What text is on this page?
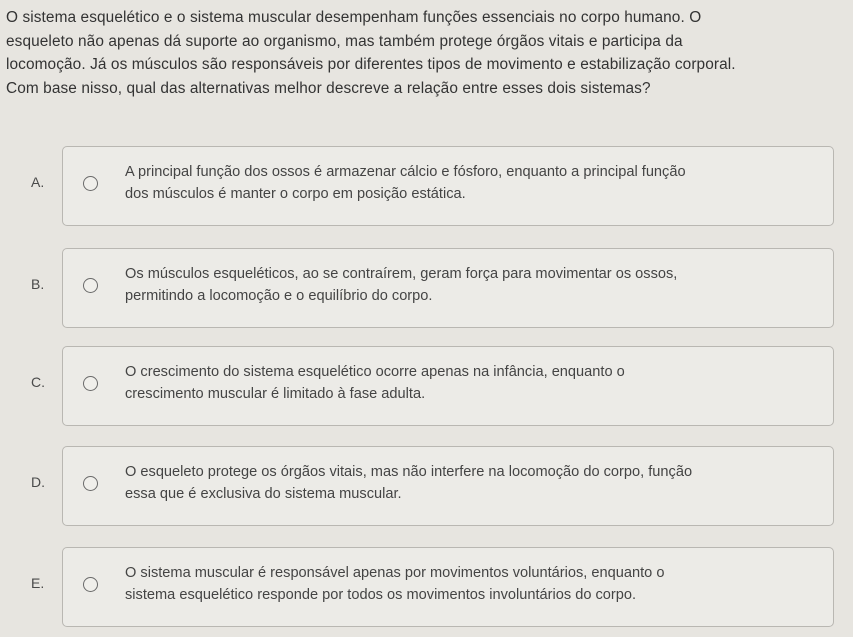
O sistema esquelético e o sistema muscular desempenham funções essenciais no corpo humano. O
esqueleto não apenas dá suporte ao organismo, mas também protege órgãos vitais e participa da
locomoção. Já os músculos são responsáveis por diferentes tipos de movimento e estabilização corporal.
Com base nisso, qual das alternativas melhor descreve a relação entre esses dois sistemas?
A.
A principal função dos ossos é armazenar cálcio e fósforo, enquanto a principal função
dos músculos é manter o corpo em posição estática.
B.
Os músculos esqueléticos, ao se contraírem, geram força para movimentar os ossos,
permitindo a locomoção e o equilíbrio do corpo.
C.
O crescimento do sistema esquelético ocorre apenas na infância, enquanto o
crescimento muscular é limitado à fase adulta.
D.
O esqueleto protege os órgãos vitais, mas não interfere na locomoção do corpo, função
essa que é exclusiva do sistema muscular.
E.
O sistema muscular é responsável apenas por movimentos voluntários, enquanto o
sistema esquelético responde por todos os movimentos involuntários do corpo.
